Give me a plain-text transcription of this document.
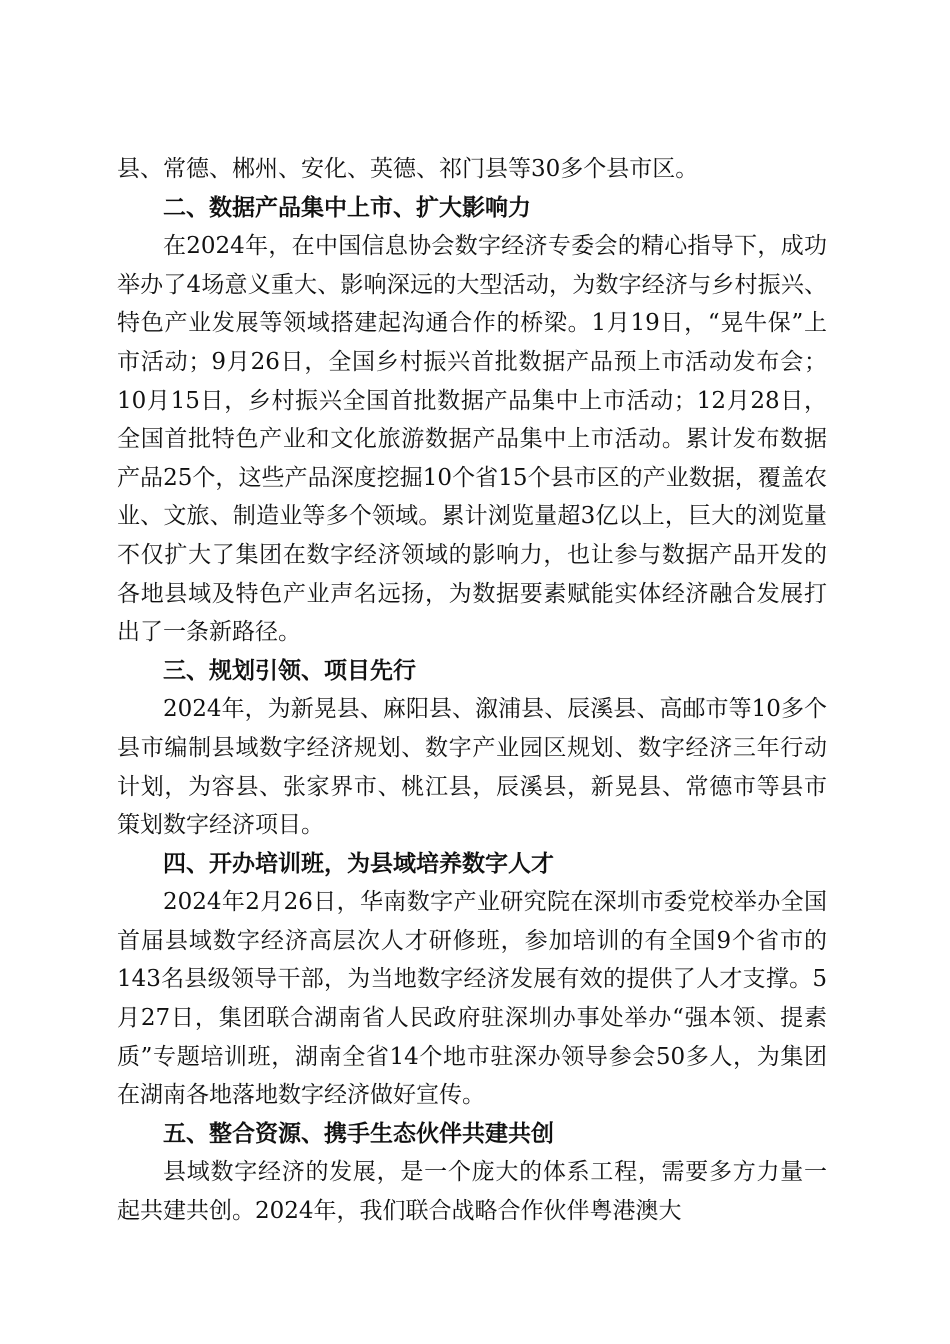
县、常德、郴州、安化、英德、祁门县等30多个县市区。

二、数据产品集中上市、扩大影响力

在2024年，在中国信息协会数字经济专委会的精心指导下，成功举办了4场意义重大、影响深远的大型活动，为数字经济与乡村振兴、特色产业发展等领域搭建起沟通合作的桥梁。1月19日，“晃牛保”上市活动；9月26日，全国乡村振兴首批数据产品预上市活动发布会；10月15日，乡村振兴全国首批数据产品集中上市活动；12月28日，全国首批特色产业和文化旅游数据产品集中上市活动。累计发布数据产品25个，这些产品深度挖掘10个省15个县市区的产业数据，覆盖农业、文旅、制造业等多个领域。累计浏览量超3亿以上，巨大的浏览量不仅扩大了集团在数字经济领域的影响力，也让参与数据产品开发的各地县域及特色产业声名远扬，为数据要素赋能实体经济融合发展打出了一条新路径。

三、规划引领、项目先行

2024年，为新晃县、麻阳县、溆浦县、辰溪县、高邮市等10多个县市编制县域数字经济规划、数字产业园区规划、数字经济三年行动计划，为容县、张家界市、桃江县，辰溪县，新晃县、常德市等县市策划数字经济项目。

四、开办培训班，为县域培养数字人才

2024年2月26日，华南数字产业研究院在深圳市委党校举办全国首届县域数字经济高层次人才研修班，参加培训的有全国9个省市的143名县级领导干部，为当地数字经济发展有效的提供了人才支撑。5月27日，集团联合湖南省人民政府驻深圳办事处举办“强本领、提素质”专题培训班，湖南全省14个地市驻深办领导参会50多人，为集团在湖南各地落地数字经济做好宣传。

五、整合资源、携手生态伙伴共建共创

县域数字经济的发展，是一个庞大的体系工程，需要多方力量一起共建共创。2024年，我们联合战略合作伙伴粤港澳大
